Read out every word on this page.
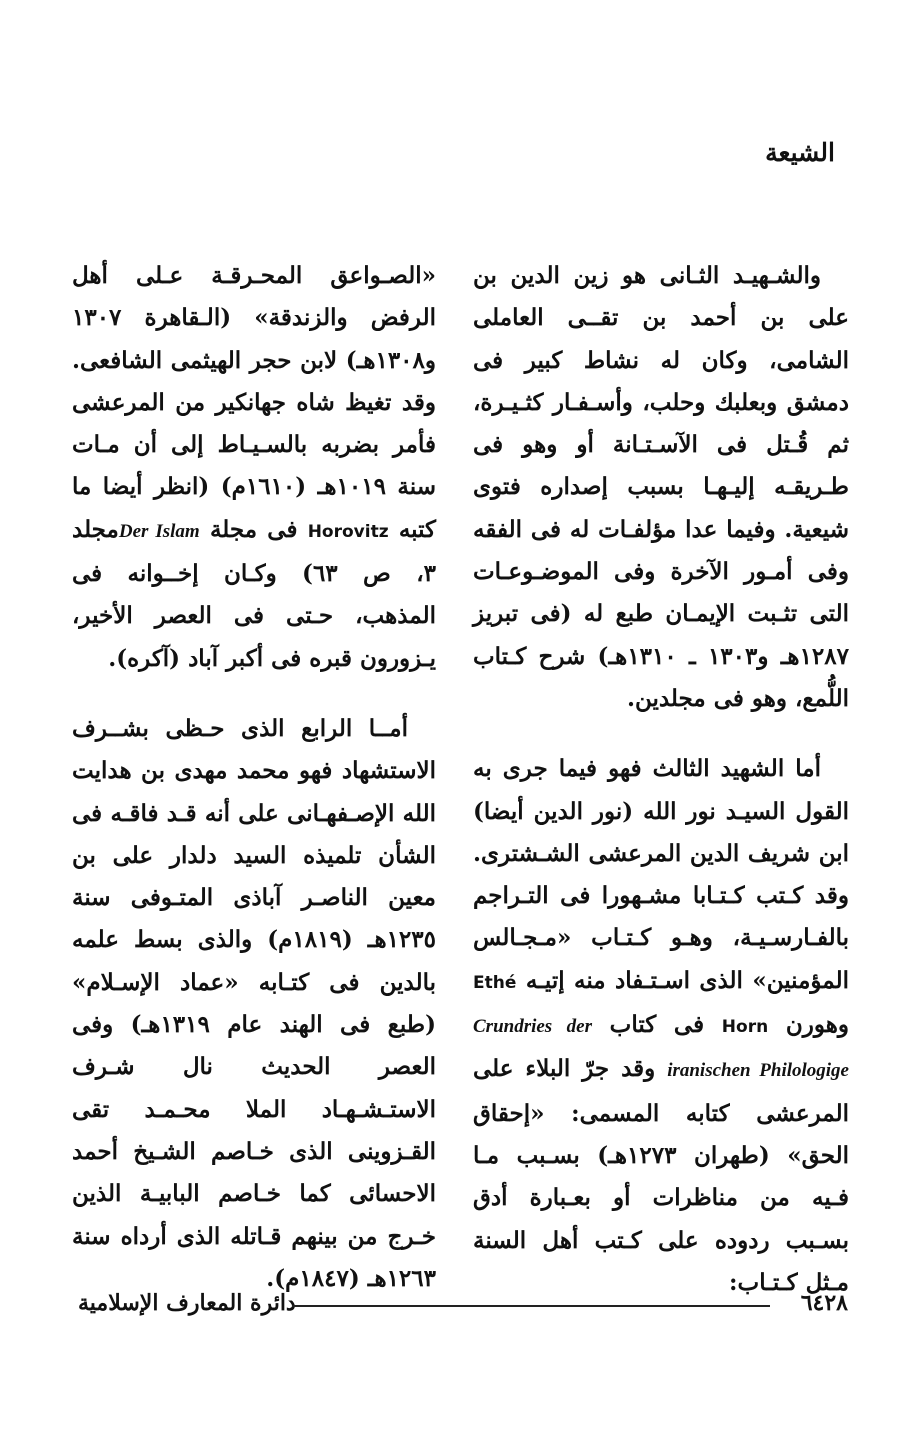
الشيعة

والشـهيـد الثـانى هو زين الدين بن على بن أحمد بن تقــى العاملى الشامى، وكان له نشاط كبير فى دمشق وبعلبك وحلب، وأسـفـار كثـيـرة، ثم قُـتل فى الآسـتـانة أو وهو فى طـريقـه إليـهـا بسبب إصداره فتوى شيعية. وفيما عدا مؤلفـات له فى الفقه وفى أمـور الآخرة وفى الموضـوعـات التى تثـبت الإيمـان طبع له (فى تبريز ١٢٨٧هـ و١٣٠٣ ـ ١٣١٠هـ) شرح كـتاب اللُّمع، وهو فى مجلدين.

أما الشهيد الثالث فهو فيما جرى به القول السيـد نور الله (نور الدين أيضا) ابن شريف الدين المرعشى الشـشترى. وقد كـتب كـتـابا مشـهورا فى التـراجم بالفـارسـيـة، وهـو كـتـاب «مـجـالس المؤمنين» الذى اسـتـفاد منه إتيـه Ethé وهورن Horn فى كتاب Crundries der iranischen Philologige وقد جرّ البلاء على المرعشى كتابه المسمى: «إحقاق الحق» (طهران ١٢٧٣هـ) بسـبب مـا فـيه من مناظرات أو بعـبارة أدق بسـبب ردوده على كـتب أهل السنة مـثل كـتـاب:

«الصـواعق المحـرقـة عـلى أهل الرفض والزندقة» (الـقاهرة ١٣٠٧ و١٣٠٨هـ) لابن حجر الهيثمى الشافعى. وقد تغيظ شاه جهانكير من المرعشى فأمر بضربه بالسـيـاط إلى أن مـات سنة ١٠١٩هـ (١٦١٠م) (انظر أيضا ما كتبه Horovitz فى مجلة Der Islamمجلد ٣، ص ٦٣) وكـان إخــوانه فى المذهب، حـتى فى العصر الأخير، يـزورون قبره فى أكبر آباد (آكره).

أمــا الرابع الذى حـظى بشــرف الاستشهاد فهو محمد مهدى بن هدايت الله الإصـفهـانى على أنه قـد فاقـه فى الشأن تلميذه السيد دلدار على بن معين الناصـر آباذى المتـوفى سنة ١٢٣٥هـ (١٨١٩م) والذى بسط علمه بالدين فى كتـابه «عماد الإسـلام» (طبع فى الهند عام ١٣١٩هـ) وفى العصر الحديث نال شـرف الاستـشـهـاد الملا محـمـد تقى القـزوينى الذى خـاصم الشـيخ أحمد الاحسائى كما خـاصم البابيـة الذين خـرج من بينهم قـاتله الذى أرداه سنة ١٢٦٣هـ (١٨٤٧م).

دائرة المعارف الإسلامية	٦٤٢٨
